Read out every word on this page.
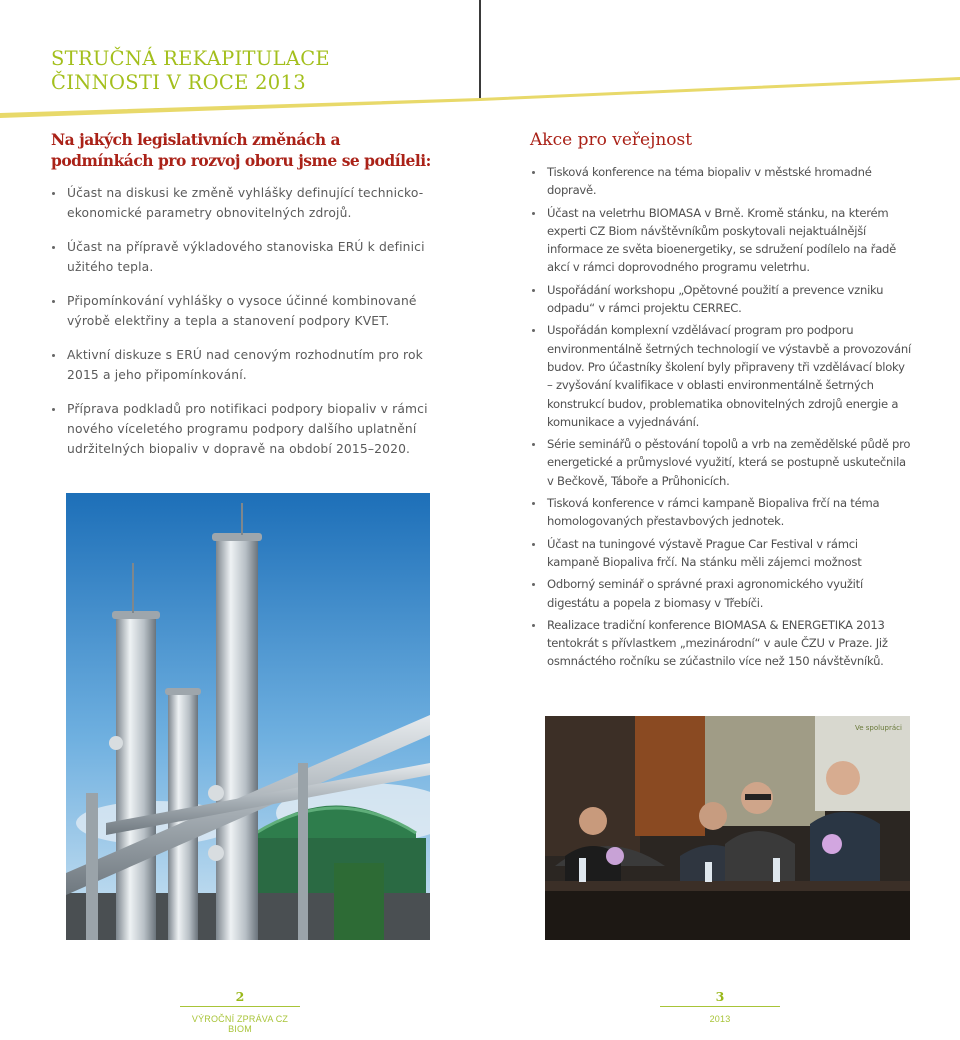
STRUČNÁ REKAPITULACE
ČINNOSTI V ROCE 2013
Na jakých legislativních změnách a podmínkách pro rozvoj oboru jsme se podíleli:
Účast na diskusi ke změně vyhlášky definující technicko-ekonomické parametry obnovitelných zdrojů.
Účast na přípravě výkladového stanoviska ERÚ k definici užitého tepla.
Připomínkování vyhlášky o vysoce účinné kombinované výrobě elektřiny a tepla a stanovení podpory KVET.
Aktivní diskuze s ERÚ nad cenovým rozhodnutím pro rok 2015 a jeho připomínkování.
Příprava podkladů pro notifikaci podpory biopaliv v rámci nového víceletého programu podpory dalšího uplatnění udržitelných biopaliv v dopravě na období 2015–2020.
2
VÝROČNÍ ZPRÁVA CZ BIOM
Akce pro veřejnost
Tisková konference na téma biopaliv v městské hromadné dopravě.
Účast na veletrhu BIOMASA v Brně. Kromě stánku, na kterém experti CZ Biom návštěvníkům poskytovali nejaktuálnější informace ze světa bioenergetiky, se sdružení podílelo na řadě akcí v rámci doprovodného programu veletrhu.
Uspořádání workshopu „Opětovné použití a prevence vzniku odpadu“ v rámci projektu CERREC.
Uspořádán komplexní vzdělávací program pro podporu environmentálně šetrných technologií ve výstavbě a provozování budov. Pro účastníky školení byly připraveny tři vzdělávací bloky – zvyšování kvalifikace v oblasti environmentálně šetrných konstrukcí budov, problematika obnovitelných zdrojů energie a komunikace a vyjednávání.
Série seminářů o pěstování topolů a vrb na zemědělské půdě pro energetické a průmyslové využití, která se postupně uskutečnila v Bečkově, Táboře a Průhonicích.
Tisková konference v rámci kampaně Biopaliva frčí na téma homologovaných přestavbových jednotek.
Účast na tuningové výstavě Prague Car Festival v rámci kampaně Biopaliva frčí. Na stánku měli zájemci možnost
Odborný seminář o správné praxi agronomického využití digestátu a popela z biomasy v Třebíči.
Realizace tradiční konference BIOMASA & ENERGETIKA 2013 tentokrát s přívlastkem „mezinárodní“ v aule ČZU v Praze. Již osmnáctého ročníku se zúčastnilo více než 150 návštěvníků.
Ve spolupráci
3
2013
